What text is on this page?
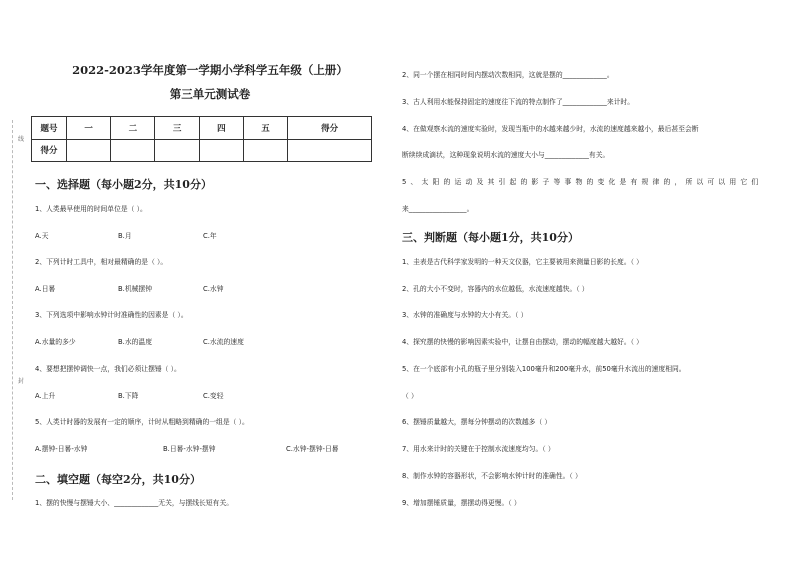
线
封
2022-2023学年度第一学期小学科学五年级（上册）
第三单元测试卷
题号	一	二	三	四	五	得分
得分						
一、选择题（每小题2分，共10分）
1、人类最早使用的时间单位是（ ）。
A.天	B.月	C.年
2、下列计时工具中，相对最精确的是（ ）。
A.日晷	B.机械摆钟	C.水钟
3、下列选项中影响水钟计时准确性的因素是（ ）。
A.水量的多少	B.水的温度	C.水流的速度
4、要想把摆钟调快一点，我们必须让摆锤（ ）。
A.上升	B.下降	C.变轻
5、人类计时器的发展有一定的顺序，计时从粗略到精确的一组是（ ）。
A.摆钟-日晷-水钟	B.日晷-水钟-摆钟	C.水钟-摆钟-日晷
二、填空题（每空2分，共10分）
1、摆的快慢与摆锤大小、_____________无关，与摆线长短有关。
2、同一个摆在相同时间内摆动次数相同，这就是摆的_____________。
3、古人利用水能保持固定的速度往下流的特点制作了_____________来计时。
4、在做观察水流的速度实验时，发现当瓶中的水越来越少时，水流的速度越来越小，最后甚至会断
断续续成滴状，这种现象说明水流的速度大小与_____________有关。
5、太阳的运动及其引起的影子等事物的变化是有规律的，所以可以用它们
来_________________。
三、判断题（每小题1分，共10分）
1、圭表是古代科学家发明的一种天文仪器，它主要被用来测量日影的长度。（ ）
2、孔的大小不变时，容器内的水位越低，水流速度越快。（ ）
3、水钟的准确度与水钟的大小有关。（ ）
4、探究摆的快慢的影响因素实验中，让摆自由摆动，摆动的幅度越大越好。（ ）
5、在一个底部有小孔的瓶子里分别装入100毫升和200毫升水，前50毫升水流出的速度相同。
（ ）
6、摆锤质量越大，摆每分钟摆动的次数越多（ ）
7、用水来计时的关键在于控制水流速度均匀。（ ）
8、制作水钟的容器形状，不会影响水钟计时的准确性。（ ）
9、增加摆锤质量，摆摆动得更慢。（ ）
